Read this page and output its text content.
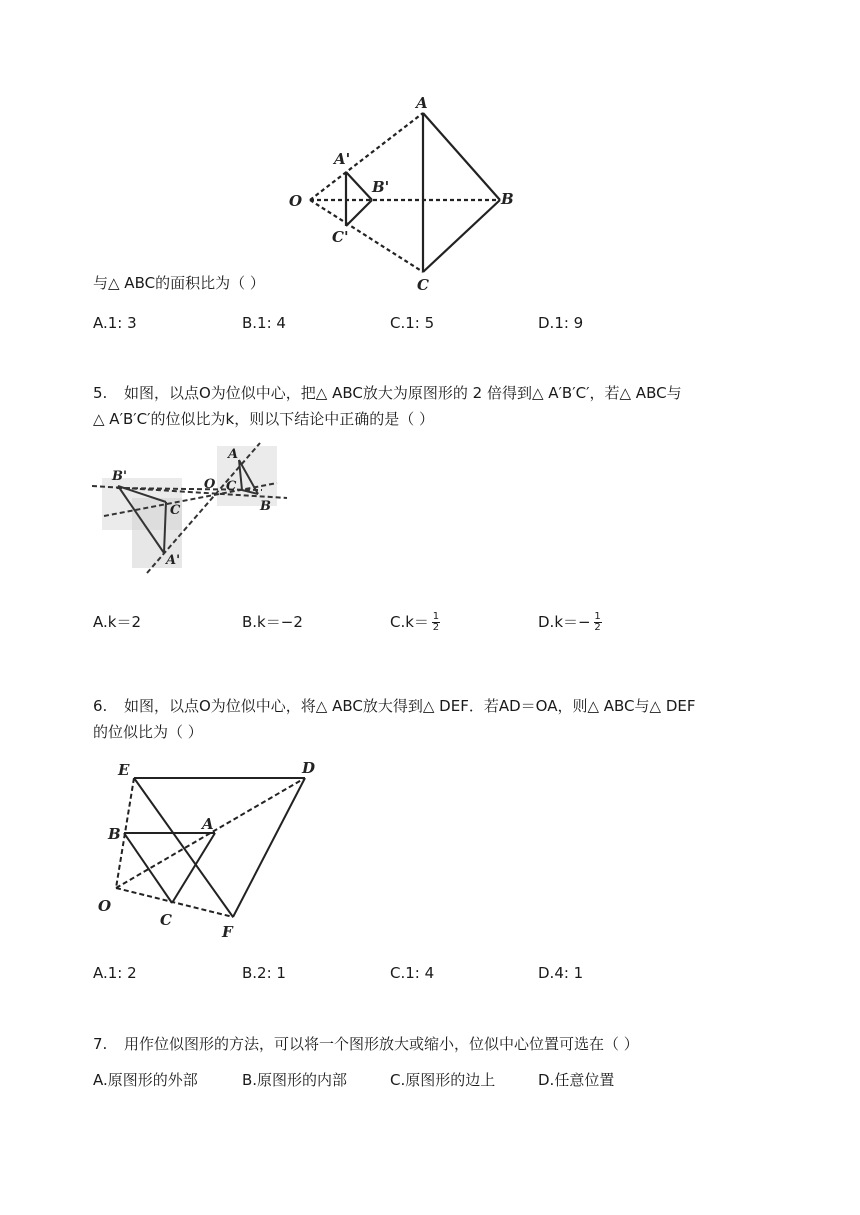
A
A'
O
B'
B
C'
C
与△ ABC的面积比为（ ）
A.1: 3	B.1: 4	C.1: 5	D.1: 9
5. 如图，以点O为位似中心，把△ ABC放大为原图形的 2 倍得到△ A′B′C′，若△ ABC与
△ A′B′C′的位似比为k，则以下结论中正确的是（ ）
B'
C
O
A
C
B
A'
A.k＝2	B.k＝−2	$C.k= \frac{1}{2}$	$D.k=- \frac{1}{2}$
6. 如图，以点O为位似中心，将△ ABC放大得到△ DEF．若AD＝OA，则△ ABC与△ DEF
的位似比为（ ）
E	D
B
A
O
C
F
A.1: 2	B.2: 1	C.1: 4	D.4: 1
7. 用作位似图形的方法，可以将一个图形放大或缩小，位似中心位置可选在（ ）
A.原图形的外部	B.原图形的内部	C.原图形的边上	D.任意位置
